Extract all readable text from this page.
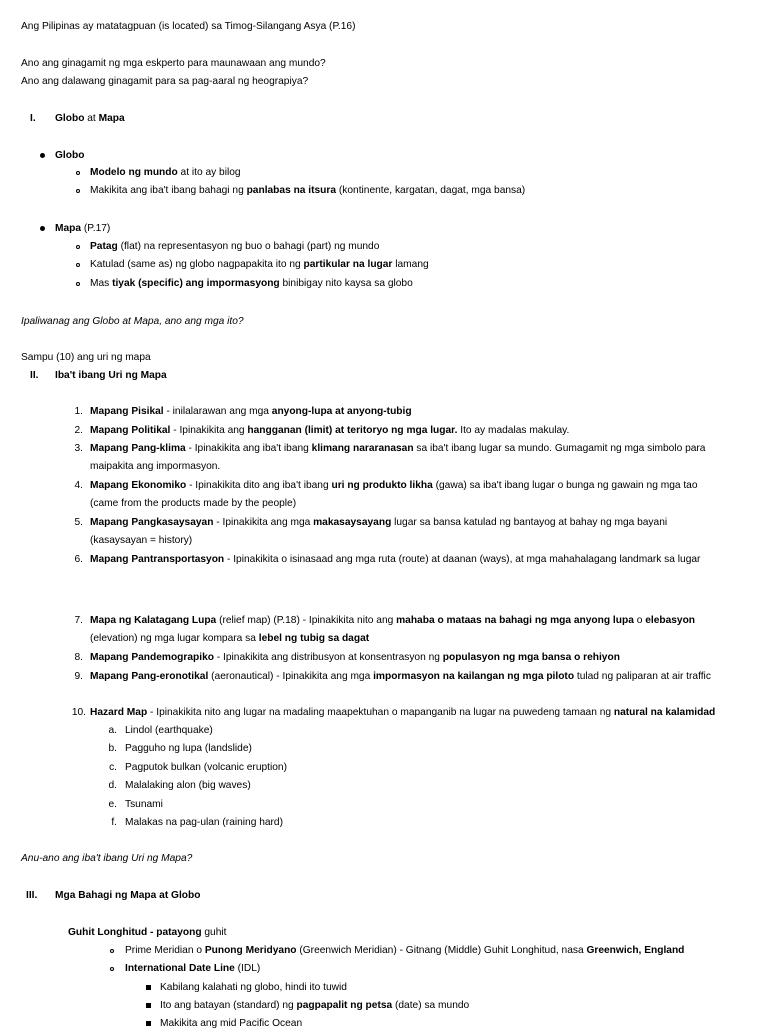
Ang Pilipinas ay matatagpuan (is located) sa Timog-Silangang Asya (P.16)
Ano ang ginagamit ng mga eskperto para maunawaan ang mundo?
Ano ang dalawang ginagamit para sa pag-aaral ng heograpiya?
I. Globo at Mapa
Globo
Modelo ng mundo at ito ay bilog
Makikita ang iba't ibang bahagi ng panlabas na itsura (kontinente, kargatan, dagat, mga bansa)
Mapa (P.17)
Patag (flat) na representasyon ng buo o bahagi (part) ng mundo
Katulad (same as) ng globo nagpapakita ito ng partikular na lugar lamang
Mas tiyak (specific) ang impormasyong binibigay nito kaysa sa globo
Ipaliwanag ang Globo at Mapa, ano ang mga ito?
Sampu (10) ang uri ng mapa
II. Iba't ibang Uri ng Mapa
1. Mapang Pisikal - inilalarawan ang mga anyong-lupa at anyong-tubig
2. Mapang Politikal - Ipinakikita ang hangganan (limit) at teritoryo ng mga lugar. Ito ay madalas makulay.
3. Mapang Pang-klima - Ipinakikita ang iba't ibang klimang nararanasan sa iba't ibang lugar sa mundo. Gumagamit ng mga simbolo para
maipakita ang impormasyon.
4. Mapang Ekonomiko - Ipinakikita dito ang iba't ibang uri ng produkto likha (gawa) sa iba't ibang lugar o bunga ng gawain ng mga tao
(came from the products made by the people)
5. Mapang Pangkasaysayan - Ipinakikita ang mga makasaysayang lugar sa bansa katulad ng bantayog at bahay ng mga bayani
(kasaysayan = history)
6. Mapang Pantransportasyon - Ipinakikita o isinasaad ang mga ruta (route) at daanan (ways), at mga mahahalagang landmark sa lugar
7. Mapa ng Kalatagang Lupa (relief map) (P.18) - Ipinakikita nito ang mahaba o mataas na bahagi ng mga anyong lupa o elebasyon
(elevation) ng mga lugar kompara sa lebel ng tubig sa dagat
8. Mapang Pandemograpiko - Ipinakikita ang distribusyon at konsentrasyon ng populasyon ng mga bansa o rehiyon
9. Mapang Pang-eronotikal (aeronautical) - Ipinakikita ang mga impormasyon na kailangan ng mga piloto tulad ng paliparan at air traffic
10. Hazard Map - Ipinakikita nito ang lugar na madaling maapektuhan o mapanganib na lugar na puwedeng tamaan ng natural na kalamidad
a. Lindol (earthquake)
b. Pagguho ng lupa (landslide)
c. Pagputok bulkan (volcanic eruption)
d. Malalaking alon (big waves)
e. Tsunami
f. Malakas na pag-ulan (raining hard)
Anu-ano ang iba't ibang Uri ng Mapa?
III. Mga Bahagi ng Mapa at Globo
Guhit Longhitud - patayong guhit
Prime Meridian o Punong Meridyano (Greenwich Meridian) - Gitnang (Middle) Guhit Longhitud, nasa Greenwich, England
International Date Line (IDL)
Kabilang kalahati ng globo, hindi ito tuwid
Ito ang batayan (standard) ng pagpapalit ng petsa (date) sa mundo
Makikita ang mid Pacific Ocean
